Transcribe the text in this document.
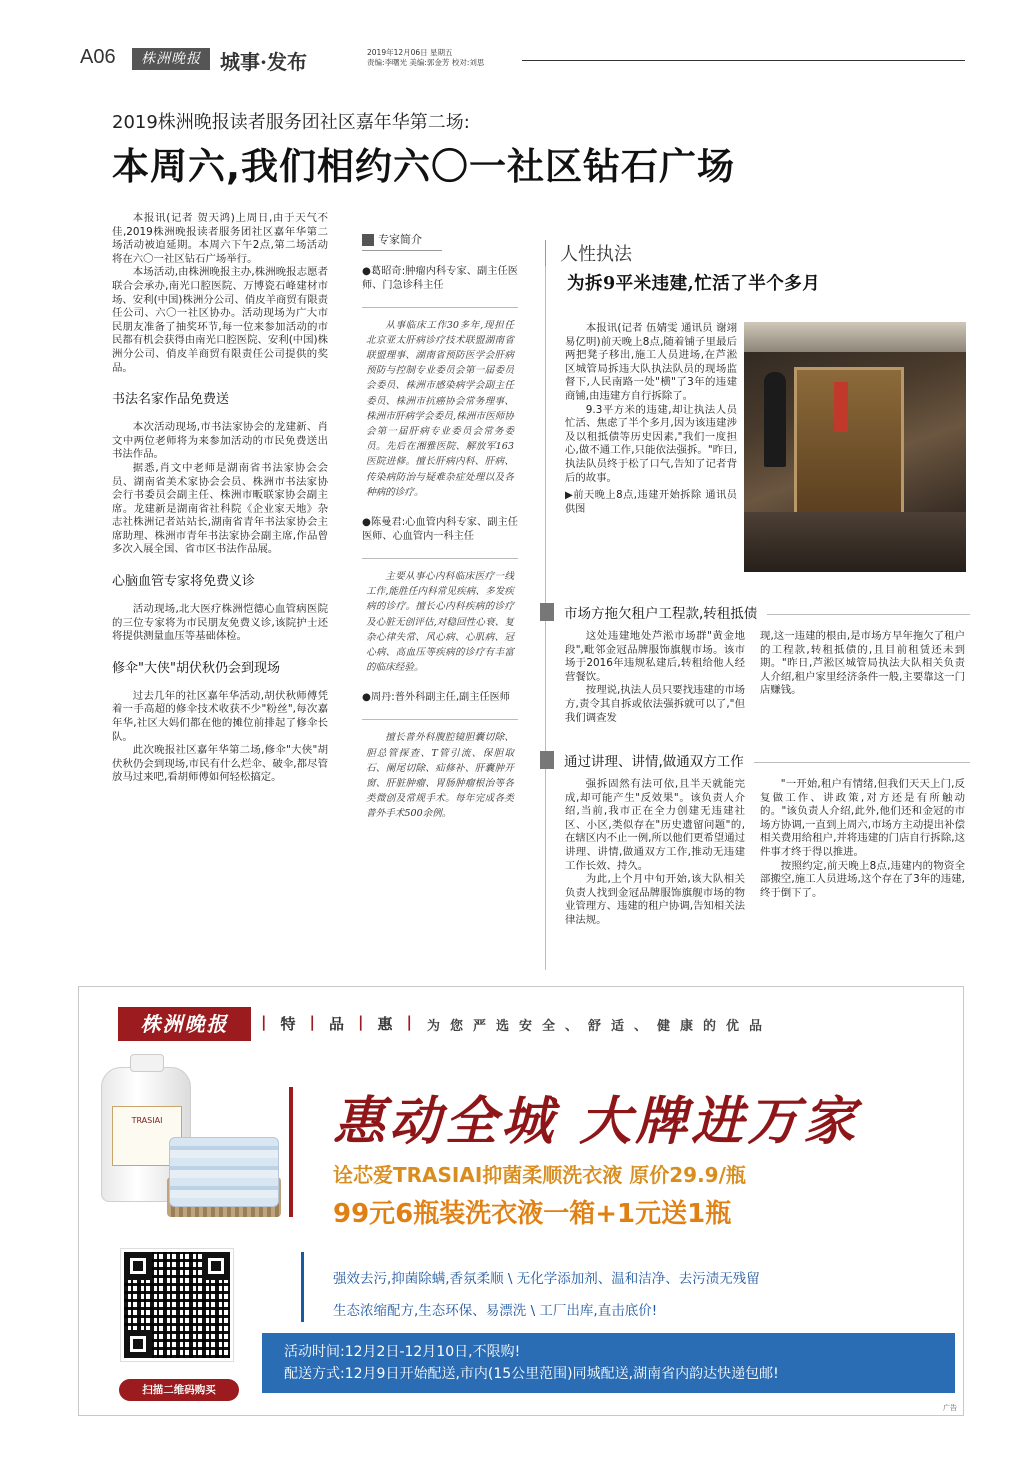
A06	株洲晚报 城事·发布	2019年12月06日 星期五
责编:李曙光 美编:郭金芳 校对:刘思
2019株洲晚报读者服务团社区嘉年华第二场:
本周六,我们相约六〇一社区钻石广场

本报讯(记者 贺天鸿)上周日,由于天气不佳,2019株洲晚报读者服务团社区嘉年华第二场活动被迫延期。本周六下午2点,第二场活动将在六〇一社区钻石广场举行。

本场活动,由株洲晚报主办,株洲晚报志愿者联合会承办,南光口腔医院、万博瓷石峰建材市场、安利(中国)株洲分公司、俏皮羊商贸有限责任公司、六〇一社区协办。活动现场为广大市民朋友准备了抽奖环节,每一位来参加活动的市民都有机会获得由南光口腔医院、安利(中国)株洲分公司、俏皮羊商贸有限责任公司提供的奖品。

书法名家作品免费送

本次活动现场,市书法家协会的龙建新、肖文中两位老师将为来参加活动的市民免费送出书法作品。

据悉,肖文中老师是湖南省书法家协会会员、湖南省美术家协会会员、株洲市书法家协会行书委员会副主任、株洲市畈联家协会副主席。龙建新是湖南省社科院《企业家天地》杂志社株洲记者站站长,湖南省青年书法家协会主席助理、株洲市青年书法家协会副主席,作品曾多次入展全国、省市区书法作品展。

心脑血管专家将免费义诊

活动现场,北大医疗株洲恺德心血管病医院的三位专家将为市民朋友免费义诊,该院护士还将提供测量血压等基础体检。

修伞"大侠"胡伏秋仍会到现场

过去几年的社区嘉年华活动,胡伏秋师傅凭着一手高超的修伞技术收获不少"粉丝",每次嘉年华,社区大妈们都在他的摊位前排起了修伞长队。

此次晚报社区嘉年华第二场,修伞"大侠"胡伏秋仍会到现场,市民有什么烂伞、破伞,都尽管放马过来吧,看胡师傅如何轻松搞定。

专家简介
●葛昭奇:肿瘤内科专家、副主任医师、门急诊科主任
从事临床工作30多年,现担任北京亚太肝病诊疗技术联盟湖南省联盟理事、湖南省预防医学会肝病预防与控制专业委员会第一届委员会委员、株洲市感染病学会副主任委员、株洲市抗癌协会常务理事、株洲市肝病学会委员,株洲市医师协会第一届肝病专业委员会常务委员。先后在湘雅医院、解放军163医院进修。擅长肝病内科、肝病、传染病防治与疑难杂症处理以及各种病的诊疗。
●陈曼君:心血管内科专家、副主任医师、心血管内一科主任
主要从事心内科临床医疗一线工作,能胜任内科常见疾病、多发疾病的诊疗。擅长心内科疾病的诊疗及心脏无创评估,对稳回性心衰、复杂心律失常、风心病、心肌病、冠心病、高血压等疾病的诊疗有丰富的临床经验。
●周丹:普外科副主任,副主任医师
擅长普外科腹腔镜胆囊切除、胆总管探查、T管引流、保胆取石、阑尾切除、疝修补、肝囊肿开窗、肝脏肿瘤、胃肠肿瘤根治等各类微创及常规手术。每年完成各类普外手术500余例。
人性执法
为拆9平米违建,忙活了半个多月

本报讯(记者 伍婧雯 通讯员 谢翊 易亿明)前天晚上8点,随着铺子里最后两把凳子移出,施工人员进场,在芦淞区城管局拆违大队执法队员的现场监督下,人民南路一处"横"了3年的违建商铺,由违建方自行拆除了。

9.3平方米的违建,却让执法人员忙活、焦虑了半个多月,因为该违建涉及以租抵债等历史因素,"我们一度担心,做不通工作,只能依法强拆。"昨日,执法队员终于松了口气,告知了记者背后的故事。

▶前天晚上8点,违建开始拆除 通讯员供图
市场方拖欠租户工程款,转租抵债

这处违建地处芦淞市场群"黄金地段",毗邻金冠品牌服饰旗舰市场。该市场于2016年违规私建后,转租给他人经营餐饮。

按理说,执法人员只要找违建的市场方,责令其自拆或依法强拆就可以了,"但我们调查发

现,这一违建的根由,是市场方早年拖欠了租户的工程款,转租抵债的,且目前租赁还未到期。"昨日,芦淞区城管局执法大队相关负责人介绍,租户家里经济条件一般,主要靠这一门店赚钱。

通过讲理、讲情,做通双方工作

强拆固然有法可依,且半天就能完成,却可能产生"反效果"。该负责人介绍,当前,我市正在全力创建无违建社区、小区,类似存在"历史遗留问题"的,在辖区内不止一例,所以他们更希望通过讲理、讲情,做通双方工作,推动无违建工作长效、持久。

为此,上个月中旬开始,该大队相关负责人找到金冠品牌服饰旗舰市场的物业管理方、违建的租户协调,告知相关法律法规。

"一开始,租户有情绪,但我们天天上门,反复做工作、讲政策,对方还是有所触动的。"该负责人介绍,此外,他们还和金冠的市场方协调,一直到上周六,市场方主动提出补偿相关费用给租户,并将违建的门店自行拆除,这件事才终于得以推进。

按照约定,前天晚上8点,违建内的物资全部搬空,施工人员进场,这个存在了3年的违建,终于倒下了。

株洲晚报	| 特 | 品 | 惠 | 为您严选安全、舒适、健康的优品
TRASIAI	惠动全城 大牌进万家
诠芯爱TRASIAI抑菌柔顺洗衣液 原价29.9/瓶
99元6瓶装洗衣液一箱+1元送1瓶
强效去污,抑菌除螨,香氛柔顺 \ 无化学添加剂、温和洁净、去污渍无残留
生态浓缩配方,生态环保、易漂洗 \ 工厂出库,直击底价!
扫描二维码购买
活动时间:12月2日-12月10日,不限购!
配送方式:12月9日开始配送,市内(15公里范围)同城配送,湖南省内韵达快递包邮!
广告
